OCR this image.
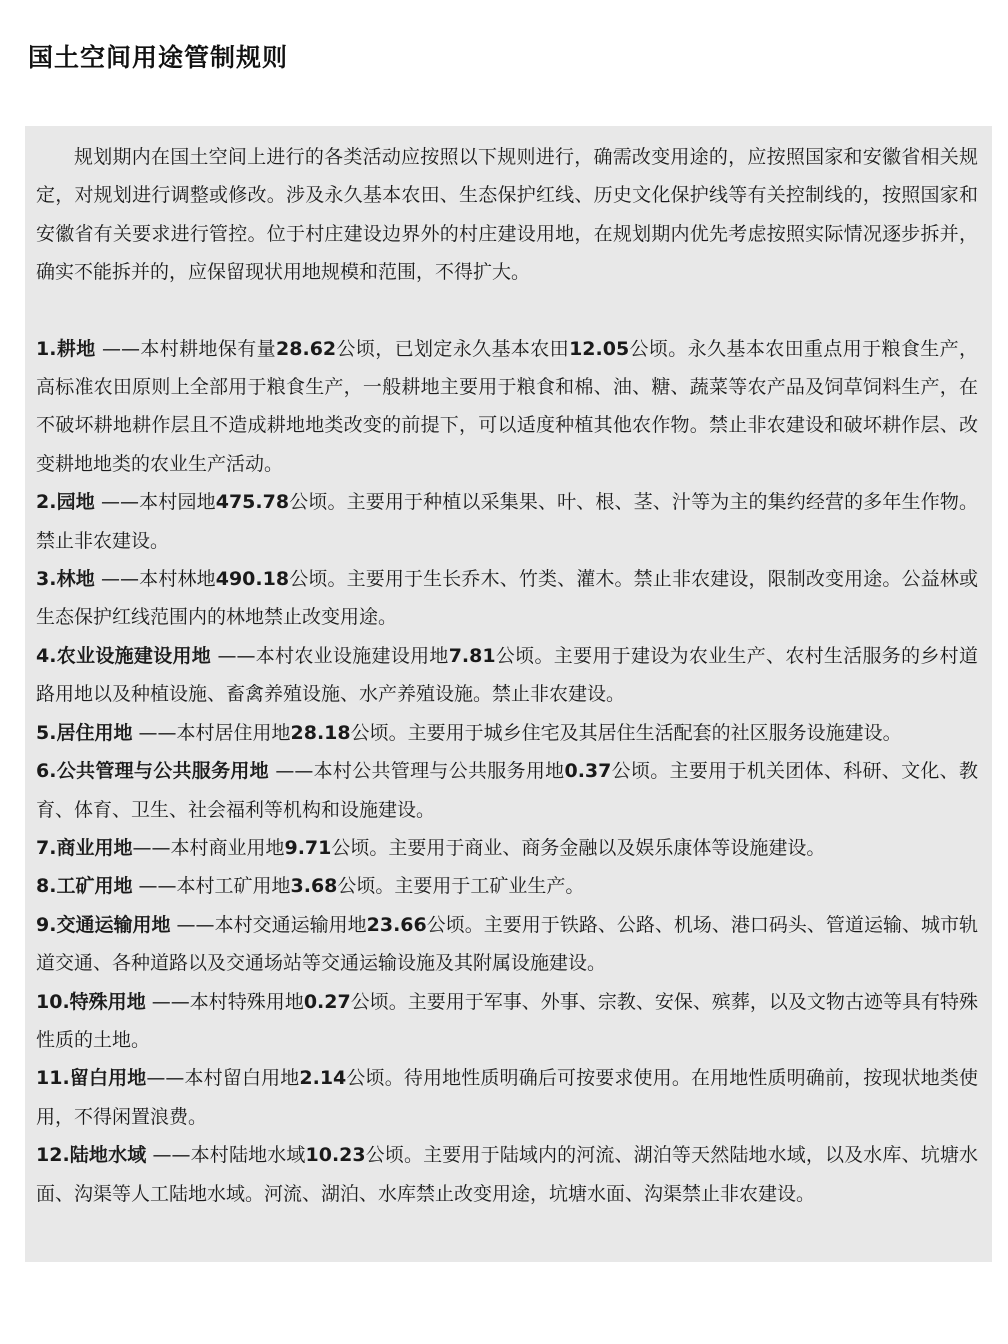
国土空间用途管制规则

规划期内在国土空间上进行的各类活动应按照以下规则进行，确需改变用途的，应按照国家和安徽省相关规定，对规划进行调整或修改。涉及永久基本农田、生态保护红线、历史文化保护线等有关控制线的，按照国家和安徽省有关要求进行管控。位于村庄建设边界外的村庄建设用地，在规划期内优先考虑按照实际情况逐步拆并，确实不能拆并的，应保留现状用地规模和范围，不得扩大。

1.耕地 ——本村耕地保有量28.62公顷，已划定永久基本农田12.05公顷。永久基本农田重点用于粮食生产，高标准农田原则上全部用于粮食生产，一般耕地主要用于粮食和棉、油、糖、蔬菜等农产品及饲草饲料生产，在不破坏耕地耕作层且不造成耕地地类改变的前提下，可以适度种植其他农作物。禁止非农建设和破坏耕作层、改变耕地地类的农业生产活动。

2.园地 ——本村园地475.78公顷。主要用于种植以采集果、叶、根、茎、汁等为主的集约经营的多年生作物。禁止非农建设。

3.林地 ——本村林地490.18公顷。主要用于生长乔木、竹类、灌木。禁止非农建设，限制改变用途。公益林或生态保护红线范围内的林地禁止改变用途。

4.农业设施建设用地 ——本村农业设施建设用地7.81公顷。主要用于建设为农业生产、农村生活服务的乡村道路用地以及种植设施、畜禽养殖设施、水产养殖设施。禁止非农建设。

5.居住用地 ——本村居住用地28.18公顷。主要用于城乡住宅及其居住生活配套的社区服务设施建设。

6.公共管理与公共服务用地 ——本村公共管理与公共服务用地0.37公顷。主要用于机关团体、科研、文化、教育、体育、卫生、社会福利等机构和设施建设。

7.商业用地——本村商业用地9.71公顷。主要用于商业、商务金融以及娱乐康体等设施建设。

8.工矿用地 ——本村工矿用地3.68公顷。主要用于工矿业生产。

9.交通运输用地 ——本村交通运输用地23.66公顷。主要用于铁路、公路、机场、港口码头、管道运输、城市轨道交通、各种道路以及交通场站等交通运输设施及其附属设施建设。

10.特殊用地 ——本村特殊用地0.27公顷。主要用于军事、外事、宗教、安保、殡葬，以及文物古迹等具有特殊性质的土地。

11.留白用地——本村留白用地2.14公顷。待用地性质明确后可按要求使用。在用地性质明确前，按现状地类使用，不得闲置浪费。

12.陆地水域 ——本村陆地水域10.23公顷。主要用于陆域内的河流、湖泊等天然陆地水域，以及水库、坑塘水面、沟渠等人工陆地水域。河流、湖泊、水库禁止改变用途，坑塘水面、沟渠禁止非农建设。
